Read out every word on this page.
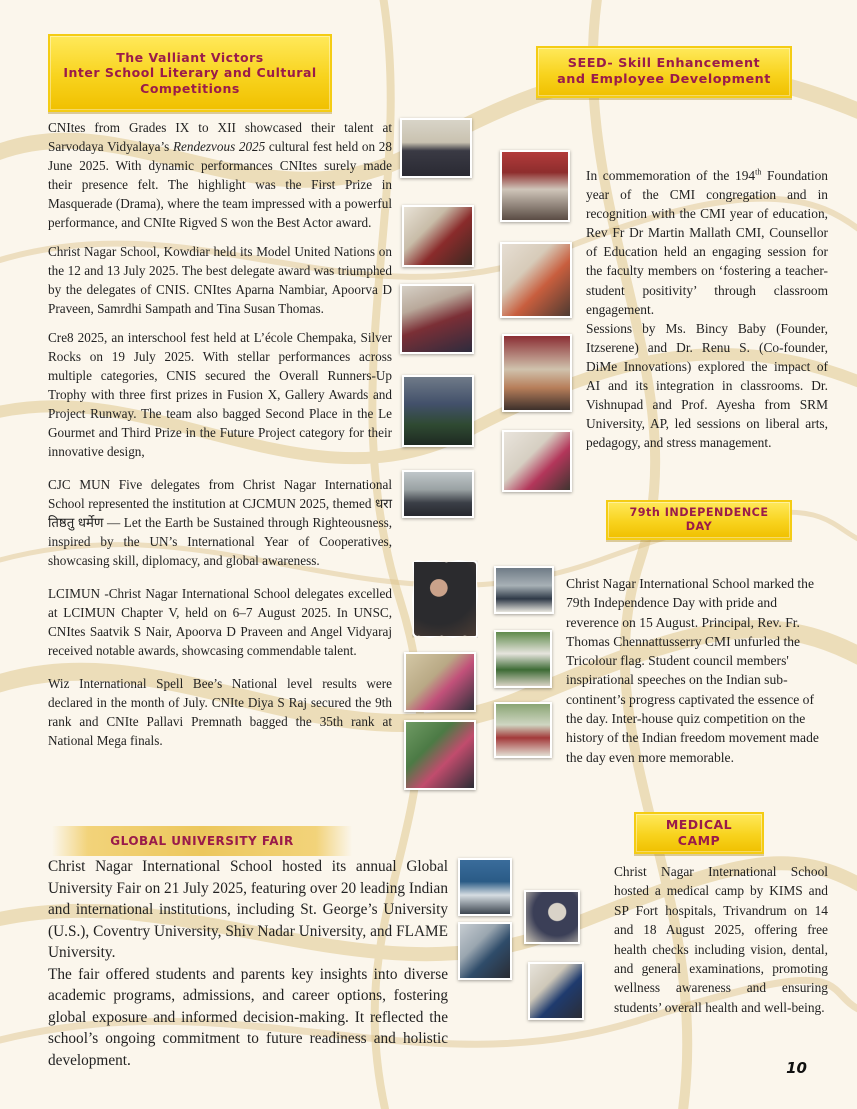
The Valliant Victors
Inter School Literary and Cultural
Competitions

CNItes from Grades IX to XII showcased their talent at Sarvodaya Vidyalaya’s Rendezvous 2025 cultural fest held on 28 June 2025. With dynamic performances CNItes surely made their presence felt. The highlight was the First Prize in Masquerade (Drama), where the team impressed with a powerful performance, and CNIte Rigved S won the Best Actor award.

Christ Nagar School, Kowdiar held its Model United Nations on the 12 and 13 July 2025. The best delegate award was triumphed by the delegates of CNIS. CNItes Aparna Nambiar, Apoorva D Praveen, Samrdhi Sampath and Tina Susan Thomas.

Cre8 2025, an interschool fest held at L’école Chempaka, Silver Rocks on 19 July 2025. With stellar performances across multiple categories, CNIS secured the Overall Runners-Up Trophy with three first prizes in Fusion X, Gallery Awards and Project Runway. The team also bagged Second Place in the Le Gourmet and Third Prize in the Future Project category for their innovative design,

CJC MUN Five delegates from Christ Nagar International School represented the institution at CJCMUN 2025, themed धरा तिष्ठतु धर्मेण — Let the Earth be Sustained through Righteousness, inspired by the UN’s International Year of Cooperatives, showcasing skill, diplomacy, and global awareness.

LCIMUN -Christ Nagar International School delegates excelled at LCIMUN Chapter V, held on 6–7 August 2025. In UNSC, CNItes Saatvik S Nair, Apoorva D Praveen and Angel Vidyaraj received notable awards, showcasing commendable talent.

Wiz International Spell Bee’s National level results were declared in the month of July. CNIte Diya S Raj secured the 9th rank and CNIte Pallavi Premnath bagged the 35th rank at National Mega finals.

SEED- Skill Enhancement
and Employee Development

In commemoration of the 194th Foundation year of the CMI congregation and in recognition with the CMI year of education, Rev Fr Dr Martin Mallath CMI, Counsellor of Education held an engaging session for the faculty members on ‘fostering a teacher-student positivity’ through classroom engagement.

Sessions by Ms. Bincy Baby (Founder, Itzserene) and Dr. Renu S. (Co-founder, DiMe Innovations) explored the impact of AI and its integration in classrooms. Dr. Vishnupad and Prof. Ayesha from SRM University, AP, led sessions on liberal arts, pedagogy, and stress management.

79th INDEPENDENCE
DAY

Christ Nagar International School marked the 79th Independence Day with pride and reverence on 15 August. Principal, Rev. Fr. Thomas Chennattusserry CMI unfurled the Tricolour flag. Student council members' inspirational speeches on the Indian sub-continent’s progress captivated the essence of the day. Inter-house quiz competition on the history of the Indian freedom movement made the day even more memorable.

GLOBAL UNIVERSITY FAIR

Christ Nagar International School hosted its annual Global University Fair on 21 July 2025, featuring over 20 leading Indian and international institutions, including St. George’s University (U.S.), Coventry University, Shiv Nadar University, and FLAME University.

The fair offered students and parents key insights into diverse academic programs, admissions, and career options, fostering global exposure and informed decision-making. It reflected the school’s ongoing commitment to future readiness and holistic development.

MEDICAL
CAMP

Christ Nagar International School hosted a medical camp by KIMS and SP Fort hospitals, Trivandrum on 14 and 18 August 2025, offering free health checks including vision, dental, and general examinations, promoting wellness awareness and ensuring students’ overall health and well-being.

10
